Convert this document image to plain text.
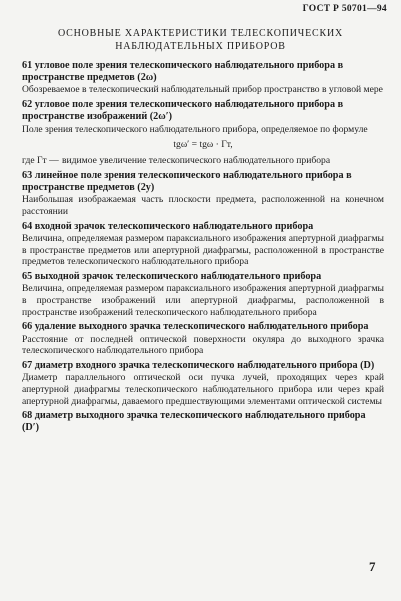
ГОСТ Р 50701—94
ОСНОВНЫЕ ХАРАКТЕРИСТИКИ ТЕЛЕСКОПИЧЕСКИХ
НАБЛЮДАТЕЛЬНЫХ ПРИБОРОВ
61 угловое поле зрения телескопического наблюдательного прибора в пространстве предметов (2ω)
Обозреваемое в телескопический наблюдательный прибор пространство в угловой мере
62 угловое поле зрения телескопического наблюдательного прибора в пространстве изображений (2ω′)
Поле зрения телескопического наблюдательного прибора, определяемое по формуле
tgω′ = tgω · Гт,
где Гт — видимое увеличение телескопического наблюдательного прибора
63 линейное поле зрения телескопического наблюдательного прибора в пространстве предметов (2y)
Наибольшая изображаемая часть плоскости предмета, расположенной на конечном расстоянии
64 входной зрачок телескопического наблюдательного прибора
Величина, определяемая размером параксиального изображения апертурной диафрагмы в пространстве предметов или апертурной диафрагмы, расположенной в пространстве предметов телескопического наблюдательного прибора
65 выходной зрачок телескопического наблюдательного прибора
Величина, определяемая размером параксиального изображения апертурной диафрагмы в пространстве изображений или апертурной диафрагмы, расположенной в пространстве изображений телескопического наблюдательного прибора
66 удаление выходного зрачка телескопического наблюдательного прибора
Расстояние от последней оптической поверхности окуляра до выходного зрачка телескопического наблюдательного прибора
67 диаметр входного зрачка телескопического наблюдательного прибора (D)
Диаметр параллельного оптической оси пучка лучей, проходящих через край апертурной диафрагмы телескопического наблюдательного прибора или через край апертурной диафрагмы, даваемого предшествующими элементами оптической системы
68 диаметр выходного зрачка телескопического наблюдательного прибора (D′)
7
